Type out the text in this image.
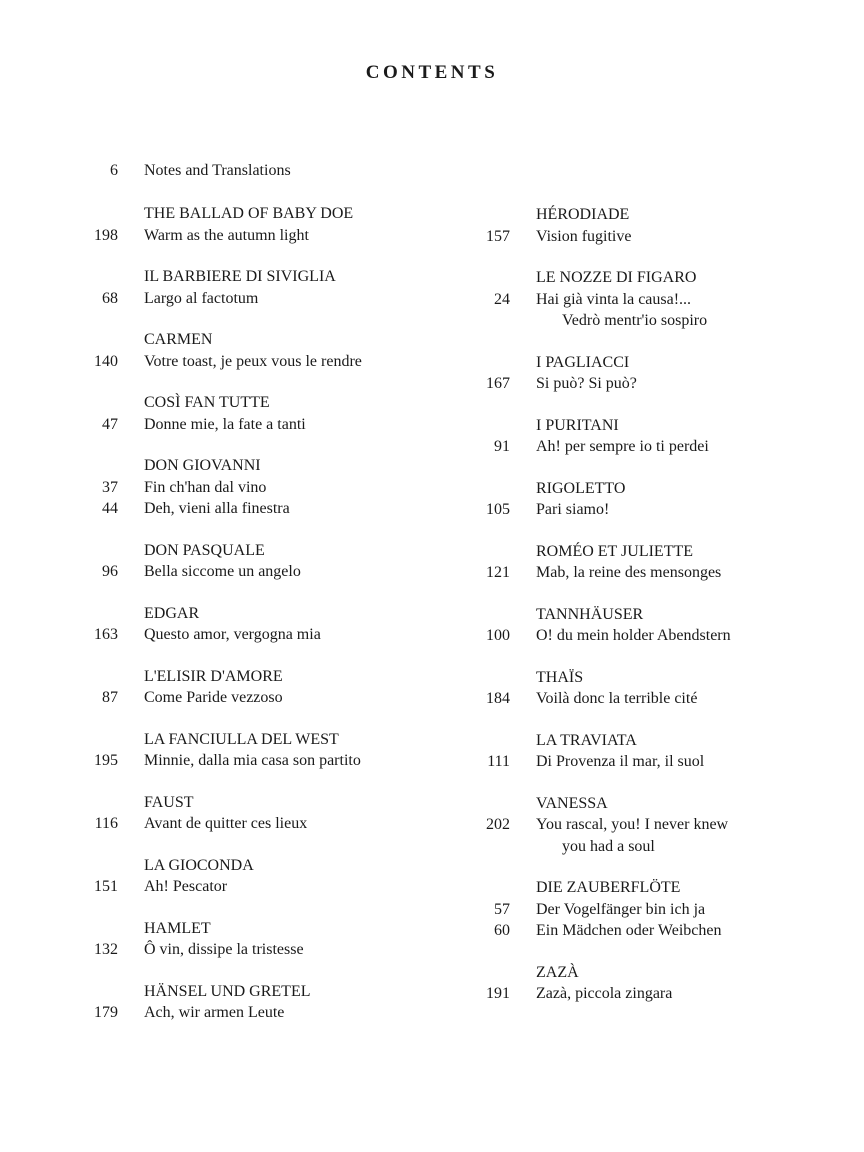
CONTENTS
6	Notes and Translations
THE BALLAD OF BABY DOE
198	Warm as the autumn light
IL BARBIERE DI SIVIGLIA
68	Largo al factotum
CARMEN
140	Votre toast, je peux vous le rendre
COSÌ FAN TUTTE
47	Donne mie, la fate a tanti
DON GIOVANNI
37	Fin ch'han dal vino
44	Deh, vieni alla finestra
DON PASQUALE
96	Bella siccome un angelo
EDGAR
163	Questo amor, vergogna mia
L'ELISIR D'AMORE
87	Come Paride vezzoso
LA FANCIULLA DEL WEST
195	Minnie, dalla mia casa son partito
FAUST
116	Avant de quitter ces lieux
LA GIOCONDA
151	Ah! Pescator
HAMLET
132	Ô vin, dissipe la tristesse
HÄNSEL UND GRETEL
179	Ach, wir armen Leute
HÉRODIADE
157	Vision fugitive
LE NOZZE DI FIGARO
24	Hai già vinta la causa!...
Vedrò mentr'io sospiro
I PAGLIACCI
167	Si può? Si può?
I PURITANI
91	Ah! per sempre io ti perdei
RIGOLETTO
105	Pari siamo!
ROMÉO ET JULIETTE
121	Mab, la reine des mensonges
TANNHÄUSER
100	O! du mein holder Abendstern
THAÏS
184	Voilà donc la terrible cité
LA TRAVIATA
111	Di Provenza il mar, il suol
VANESSA
202	You rascal, you! I never knew
you had a soul
DIE ZAUBERFLÖTE
57	Der Vogelfänger bin ich ja
60	Ein Mädchen oder Weibchen
ZAZÀ
191	Zazà, piccola zingara
